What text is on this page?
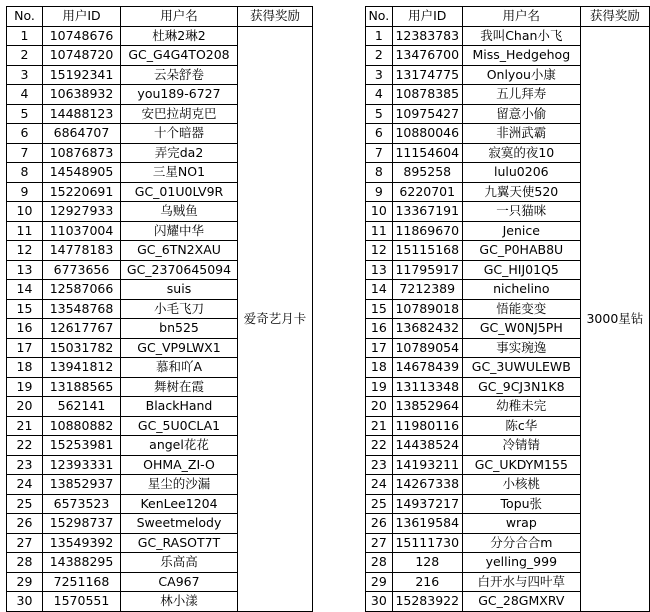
No.	用户ID	用户名	获得奖励
1	10748676	杜琳2琳2	爱奇艺月卡
2	10748720	GC_G4G4TO208	
3	15192341	云朵舒卷	
4	10638932	you189-6727	
5	14488123	安巴拉胡克巴	
6	6864707	十个暗器	
7	10876873	弄完da2	
8	14548905	三星NO1	
9	15220691	GC_01U0LV9R	
10	12927933	乌贼鱼	
11	11037004	闪耀中华	
12	14778183	GC_6TN2XAU	
13	6773656	GC_2370645094	
14	12587066	suis	
15	13548768	小毛飞刀	
16	12617767	bn525	
17	15031782	GC_VP9LWX1	
18	13941812	慕和吖A	
19	13188565	舞树在霞	
20	562141	BlackHand	
21	10880882	GC_5U0CLA1	
22	15253981	angel花花	
23	12393331	OHMA_ZI-O	
24	13852937	星尘的沙漏	
25	6573523	KenLee1204	
26	15298737	Sweetmelody	
27	13549392	GC_RASOT7T	
28	14388295	乐高高	
29	7251168	CA967	
30	1570551	林小漾	
No.	用户ID	用户名	获得奖励
1	12383783	我叫Chan小飞	3000星钻
2	13476700	Miss_Hedgehog	
3	13174775	Onlyou小康	
4	10878385	五儿拜寿	
5	10975427	留意小偷	
6	10880046	非洲武霸	
7	11154604	寂寞的夜10	
8	895258	lulu0206	
9	6220701	九翼天使520	
10	13367191	一只猫咪	
11	11869670	Jenice	
12	15115168	GC_P0HAB8U	
13	11795917	GC_HIJ01Q5	
14	7212389	nichelino	
15	10789018	悟能变变	
16	13682432	GC_W0NJ5PH	
17	10789054	事实琬逸	
18	14678439	GC_3UWULEWB	
19	13113348	GC_9CJ3N1K8	
20	13852964	幼稚未完	
21	11980116	陈c华	
22	14438524	冷锖锖	
23	14193211	GC_UKDYM155	
24	14267338	小核桃	
25	14937217	Topu张	
26	13619584	wrap	
27	15111730	分分合合m	
28	128	yelling_999	
29	216	白开水与四叶草	
30	15283922	GC_28GMXRV	
